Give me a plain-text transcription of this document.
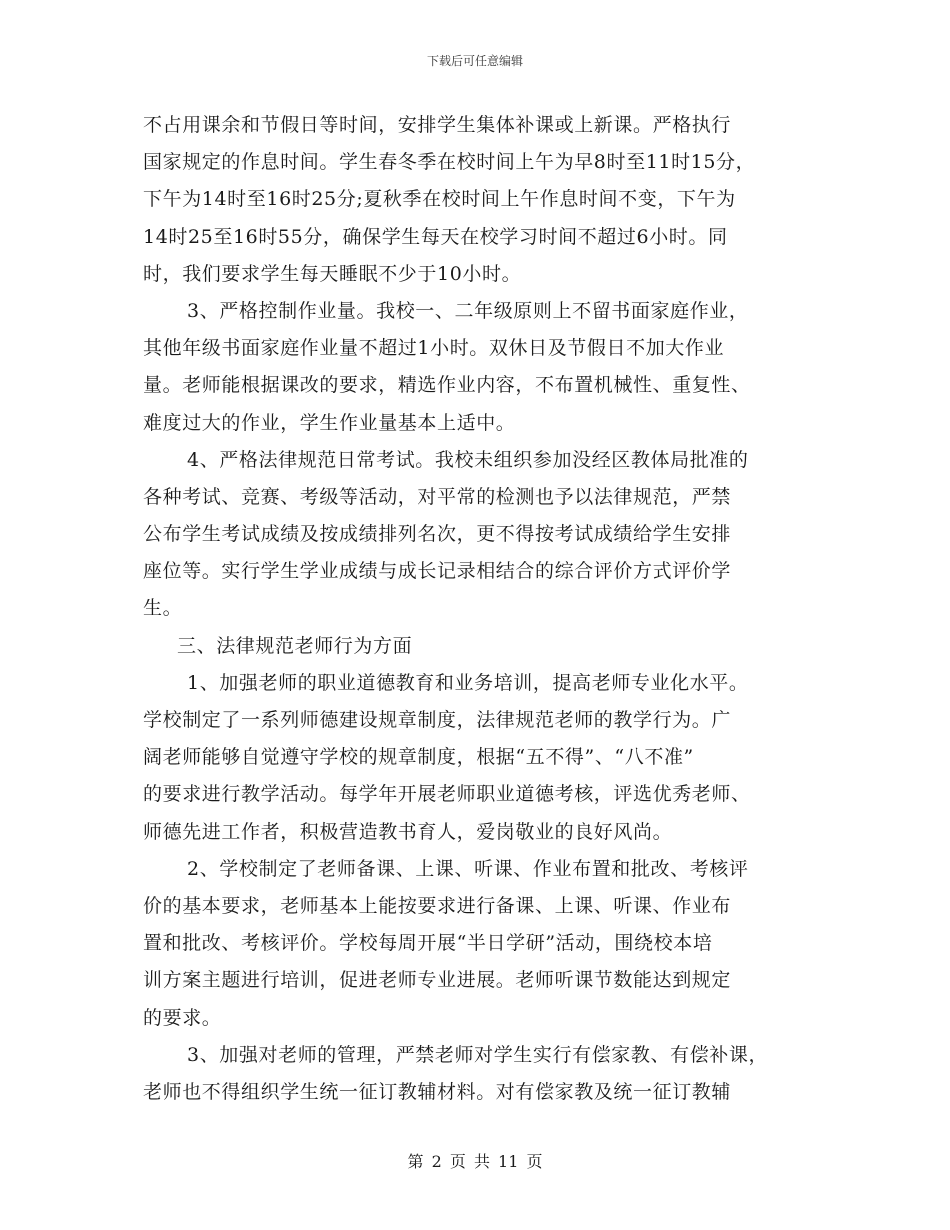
下载后可任意编辑
不占用课余和节假日等时间，安排学生集体补课或上新课。严格执行
国家规定的作息时间。学生春冬季在校时间上午为早8时至11时15分，
下午为14时至16时25分;夏秋季在校时间上午作息时间不变，下午为
14时25至16时55分，确保学生每天在校学习时间不超过6小时。同
时，我们要求学生每天睡眠不少于10小时。
3、严格控制作业量。我校一、二年级原则上不留书面家庭作业，
其他年级书面家庭作业量不超过1小时。双休日及节假日不加大作业
量。老师能根据课改的要求，精选作业内容，不布置机械性、重复性、
难度过大的作业，学生作业量基本上适中。
4、严格法律规范日常考试。我校未组织参加没经区教体局批准的
各种考试、竞赛、考级等活动，对平常的检测也予以法律规范，严禁
公布学生考试成绩及按成绩排列名次，更不得按考试成绩给学生安排
座位等。实行学生学业成绩与成长记录相结合的综合评价方式评价学
生。
三、法律规范老师行为方面
1、加强老师的职业道德教育和业务培训，提高老师专业化水平。
学校制定了一系列师德建设规章制度，法律规范老师的教学行为。广
阔老师能够自觉遵守学校的规章制度，根据“五不得”、“八不准”
的要求进行教学活动。每学年开展老师职业道德考核，评选优秀老师、
师德先进工作者，积极营造教书育人，爱岗敬业的良好风尚。
2、学校制定了老师备课、上课、听课、作业布置和批改、考核评
价的基本要求，老师基本上能按要求进行备课、上课、听课、作业布
置和批改、考核评价。学校每周开展“半日学研”活动，围绕校本培
训方案主题进行培训，促进老师专业进展。老师听课节数能达到规定
的要求。
3、加强对老师的管理，严禁老师对学生实行有偿家教、有偿补课，
老师也不得组织学生统一征订教辅材料。对有偿家教及统一征订教辅
第 2 页 共 11 页
